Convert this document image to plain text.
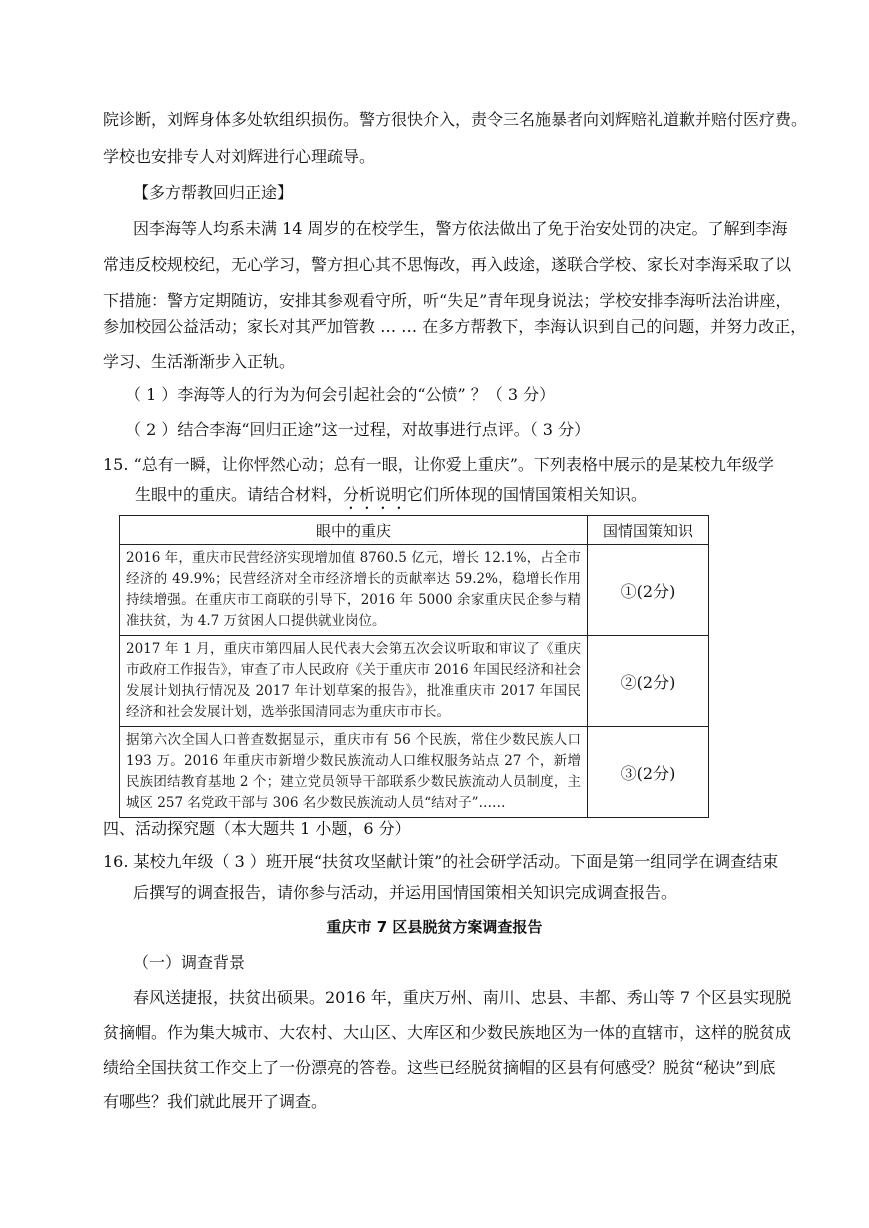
院诊断，刘辉身体多处软组织损伤。警方很快介入，责令三名施暴者向刘辉赔礼道歉并赔付医疗费。
学校也安排专人对刘辉进行心理疏导。
【多方帮教回归正途】
因李海等人均系未满 14 周岁的在校学生，警方依法做出了免于治安处罚的决定。了解到李海
常违反校规校纪，无心学习，警方担心其不思悔改，再入歧途，遂联合学校、家长对李海采取了以
下措施：警方定期随访，安排其参观看守所，听“失足”青年现身说法；学校安排李海听法治讲座，
参加校园公益活动；家长对其严加管教 … … 在多方帮教下，李海认识到自己的问题，并努力改正，
学习、生活渐渐步入正轨。
（ 1 ）李海等人的行为为何会引起社会的“公愤” ？（ 3 分）
（ 2 ）结合李海“回归正途”这一过程，对故事进行点评。（ 3 分）
15. “总有一瞬，让你怦然心动；总有一眼，让你爱上重庆”。下列表格中展示的是某校九年级学
生眼中的重庆。请结合材料，分析说明它们所体现的国情国策相关知识。
眼中的重庆	国情国策知识
2016 年，重庆市民营经济实现增加值 8760.5 亿元，增长 12.1%，占全市经济的 49.9%；民营经济对全市经济增长的贡献率达 59.2%，稳增长作用持续增强。在重庆市工商联的引导下，2016 年 5000 余家重庆民企参与精准扶贫，为 4.7 万贫困人口提供就业岗位。	①(2分)
2017 年 1 月，重庆市第四届人民代表大会第五次会议听取和审议了《重庆市政府工作报告》，审查了市人民政府《关于重庆市 2016 年国民经济和社会发展计划执行情况及 2017 年计划草案的报告》，批准重庆市 2017 年国民经济和社会发展计划，选举张国清同志为重庆市市长。	②(2分)
据第六次全国人口普查数据显示，重庆市有 56 个民族，常住少数民族人口 193 万。2016 年重庆市新增少数民族流动人口维权服务站点 27 个，新增民族团结教育基地 2 个；建立党员领导干部联系少数民族流动人员制度，主城区 257 名党政干部与 306 名少数民族流动人员“结对子”……	③(2分)
四、活动探究题（本大题共 1 小题，6 分）
16. 某校九年级（ 3 ）班开展“扶贫攻坚献计策”的社会研学活动。下面是第一组同学在调查结束
后撰写的调查报告，请你参与活动，并运用国情国策相关知识完成调查报告。
重庆市 7 区县脱贫方案调查报告
（一）调查背景
春风送捷报，扶贫出硕果。2016 年，重庆万州、南川、忠县、丰都、秀山等 7 个区县实现脱
贫摘帽。作为集大城市、大农村、大山区、大库区和少数民族地区为一体的直辖市，这样的脱贫成
绩给全国扶贫工作交上了一份漂亮的答卷。这些已经脱贫摘帽的区县有何感受？脱贫“秘诀”到底
有哪些？我们就此展开了调查。
